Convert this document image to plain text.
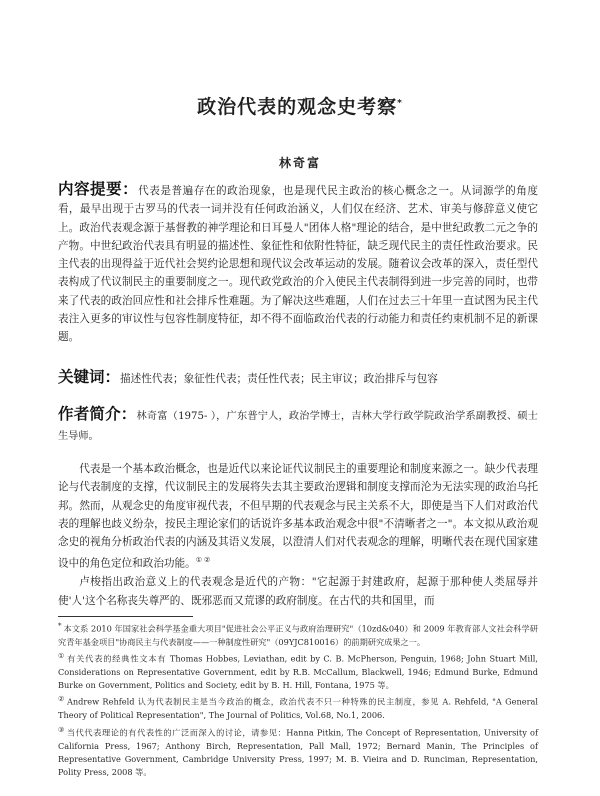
政治代表的观念史考察*
林奇富
内容提要：代表是普遍存在的政治现象，也是现代民主政治的核心概念之一。从词源学的角度看，最早出现于古罗马的代表一词并没有任何政治涵义，人们仅在经济、艺术、审美与修辞意义使它上。政治代表观念源于基督教的神学理论和日耳曼人"团体人格"理论的结合，是中世纪政教二元之争的产物。中世纪政治代表具有明显的描述性、象征性和依附性特征，缺乏现代民主的责任性政治要求。民主代表的出现得益于近代社会契约论思想和现代议会改革运动的发展。随着议会改革的深入，责任型代表构成了代议制民主的重要制度之一。现代政党政治的介入使民主代表制得到进一步完善的同时，也带来了代表的政治回应性和社会排斥性难题。为了解决这些难题，人们在过去三十年里一直试图为民主代表注入更多的审议性与包容性制度特征，却不得不面临政治代表的行动能力和责任约束机制不足的新课题。
关键词：描述性代表；象征性代表；责任性代表；民主审议；政治排斥与包容
作者简介：林奇富（1975- ），广东普宁人，政治学博士，吉林大学行政学院政治学系副教授、硕士生导师。

代表是一个基本政治概念，也是近代以来论证代议制民主的重要理论和制度来源之一。缺少代表理论与代表制度的支撑，代议制民主的发展将失去其主要政治逻辑和制度支撑而沦为无法实现的政治乌托邦。然而，从观念史的角度审视代表，不但早期的代表观念与民主关系不大，即使是当下人们对政治代表的理解也歧义纷杂，按民主理论家们的话说许多基本政治观念中很"不清晰者之一"。本文拟从政治观念史的视角分析政治代表的内涵及其语义发展，以澄清人们对代表观念的理解，明晰代表在现代国家建设中的角色定位和政治功能。① ②

卢梭指出政治意义上的代表观念是近代的产物："它起源于封建政府，起源于那种使人类屈辱并使'人'这个名称丧失尊严的、既邪恶而又荒谬的政府制度。在古代的共和国里，而

* 本文系 2010 年国家社会科学基金重大项目"促进社会公平正义与政府治理研究"（10zd&040）和 2009 年教育部人文社会科学研究青年基金项目"协商民主与代表制度——一种制度性研究"（09YJC810016）的前期研究成果之一。

① 有关代表的经典性文本有 Thomas Hobbes, Leviathan, edit by C. B. McPherson, Penguin, 1968; John Stuart Mill, Considerations on Representative Government, edit by R.B. McCallum, Blackwell, 1946; Edmund Burke, Edmund Burke on Government, Politics and Society, edit by B. H. Hill, Fontana, 1975 等。

② Andrew Rehfeld 认为代表制民主是当今政治的概念，政治代表不只一种特殊的民主制度，参见 A. Rehfeld, "A General Theory of Political Representation", The Journal of Politics, Vol.68, No.1, 2006.

③ 当代代表理论的有代表性的广泛而深入的讨论，请参见：Hanna Pitkin, The Concept of Representation, University of California Press, 1967; Anthony Birch, Representation, Pall Mall, 1972; Bernard Manin, The Principles of Representative Government, Cambridge University Press, 1997; M. B. Vieira and D. Runciman, Representation, Polity Press, 2008 等。
